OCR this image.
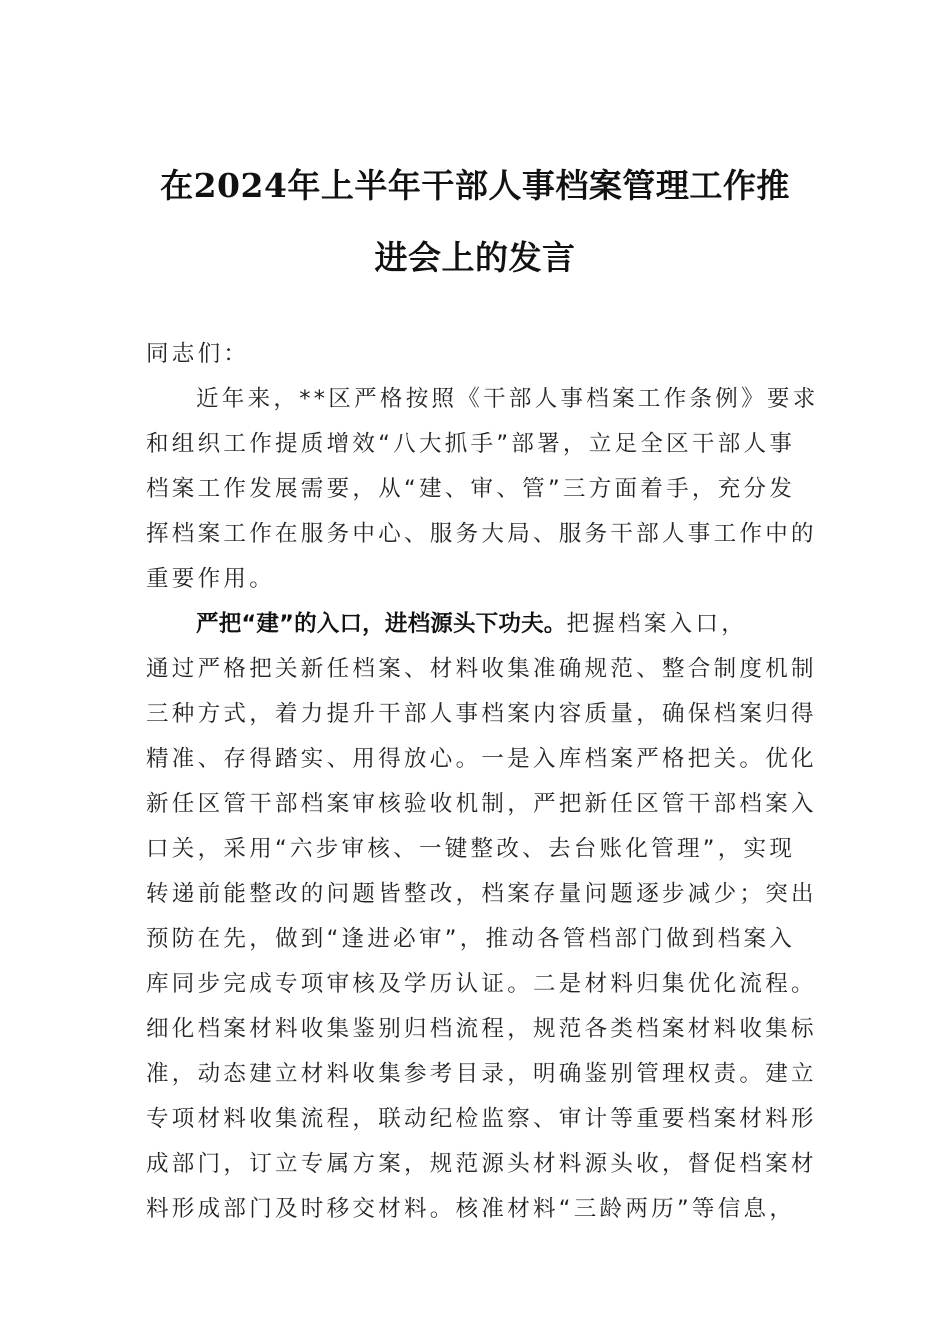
在2024年上半年干部人事档案管理工作推
进会上的发言
同志们：
近年来，**区严格按照《干部人事档案工作条例》要求
和组织工作提质增效“八大抓手”部署，立足全区干部人事
档案工作发展需要，从“建、审、管”三方面着手，充分发
挥档案工作在服务中心、服务大局、服务干部人事工作中的
重要作用。
严把“建”的入口，进档源头下功夫。把握档案入口，
通过严格把关新任档案、材料收集准确规范、整合制度机制
三种方式，着力提升干部人事档案内容质量，确保档案归得
精准、存得踏实、用得放心。一是入库档案严格把关。优化
新任区管干部档案审核验收机制，严把新任区管干部档案入
口关，采用“六步审核、一键整改、去台账化管理”，实现
转递前能整改的问题皆整改，档案存量问题逐步减少；突出
预防在先，做到“逢进必审”，推动各管档部门做到档案入
库同步完成专项审核及学历认证。二是材料归集优化流程。
细化档案材料收集鉴别归档流程，规范各类档案材料收集标
准，动态建立材料收集参考目录，明确鉴别管理权责。建立
专项材料收集流程，联动纪检监察、审计等重要档案材料形
成部门，订立专属方案，规范源头材料源头收，督促档案材
料形成部门及时移交材料。核准材料“三龄两历”等信息，
